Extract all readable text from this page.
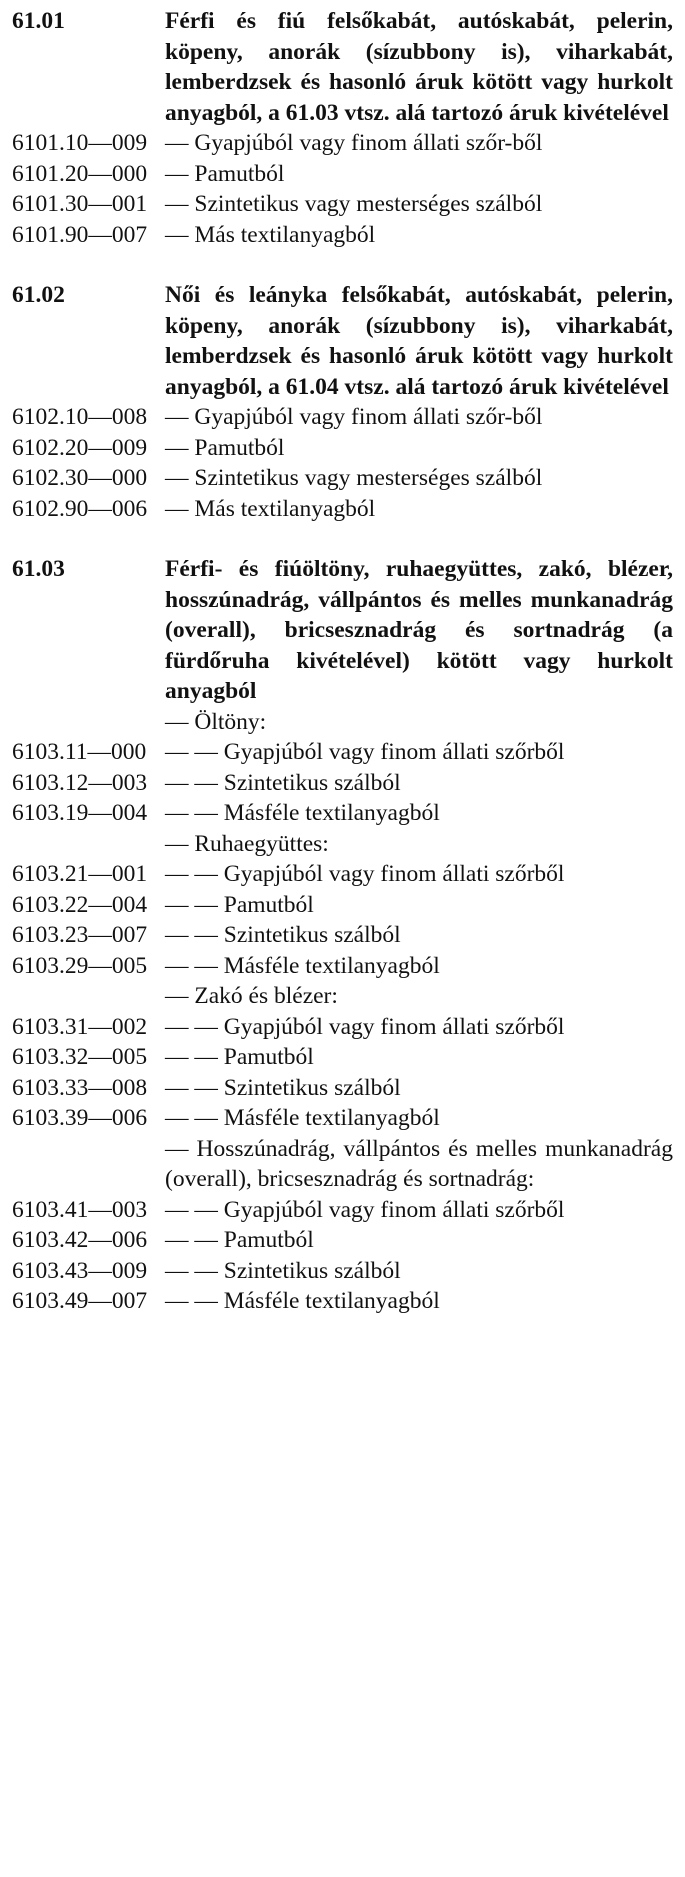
61.01	Férfi és fiú felsőkabát, autóskabát, pelerin, köpeny, anorák (sízubbony is), viharkabát, lemberdzsek és hasonló áruk kötött vagy hurkolt anyagból, a 61.03 vtsz. alá tartozó áruk kivételével
6101.10—009 — Gyapjúból vagy finom állati szőr-ből
6101.20—000 — Pamutból
6101.30—001 — Szintetikus vagy mesterséges szálból
6101.90—007 — Más textilanyagból
61.02	Női és leányka felsőkabát, autóskabát, pelerin, köpeny, anorák (sízubbony is), viharkabát, lemberdzsek és hasonló áruk kötött vagy hurkolt anyagból, a 61.04 vtsz. alá tartozó áruk kivételével
6102.10—008 — Gyapjúból vagy finom állati szőr-ből
6102.20—009 — Pamutból
6102.30—000 — Szintetikus vagy mesterséges szálból
6102.90—006 — Más textilanyagból
61.03	Férfi- és fiúöltöny, ruhaegyüttes, zakó, blézer, hosszúnadrág, vállpántos és melles munkanadrág (overall), bricsesznadrág és sortnadrág (a fürdőruha kivételével) kötött vagy hurkolt anyagból
— Öltöny:
6103.11—000 — — Gyapjúból vagy finom állati szőrből
6103.12—003 — — Szintetikus szálból
6103.19—004 — — Másféle textilanyagból
— Ruhaegyüttes:
6103.21—001 — — Gyapjúból vagy finom állati szőrből
6103.22—004 — — Pamutból
6103.23—007 — — Szintetikus szálból
6103.29—005 — — Másféle textilanyagból
— Zakó és blézer:
6103.31—002 — — Gyapjúból vagy finom állati szőrből
6103.32—005 — — Pamutból
6103.33—008 — — Szintetikus szálból
6103.39—006 — — Másféle textilanyagból
— Hosszúnadrág, vállpántos és melles munkanadrág (overall), bricsesznadrág és sortnadrág:
6103.41—003 — — Gyapjúból vagy finom állati szőrből
6103.42—006 — — Pamutból
6103.43—009 — — Szintetikus szálból
6103.49—007 — — Másféle textilanyagból
